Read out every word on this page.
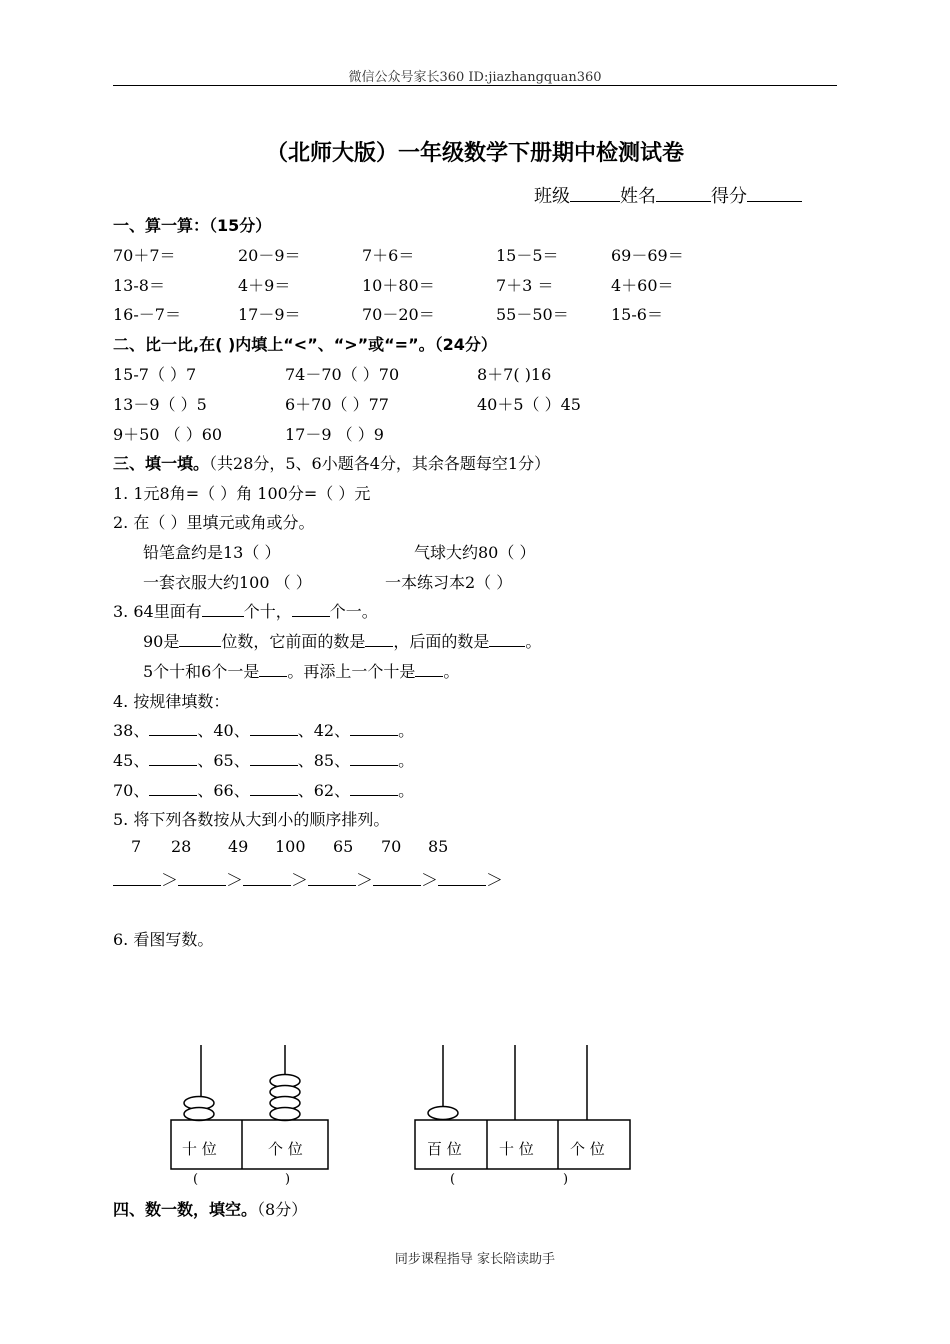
微信公众号家长360 ID:jiazhangquan360
（北师大版）一年级数学下册期中检测试卷
班级	姓名	得分
一、算一算：（15分）
70＋7＝	20－9＝	7＋6＝	15－5＝	69－69＝
13-8＝	4＋9＝	10＋80＝	7＋3 ＝	4＋60＝
16-－7＝	17－9＝	70－20＝	55－50＝	15-6＝
二、比一比,在( )内填上“<”、“>”或“=”。（24分）
15-7（ ）7	74－70（ ）70	8＋7( )16
13－9（ ）5	6＋70（ ）77	40＋5（ ）45
9＋50 （ ）60	17－9 （ ）9
三、填一填。（共28分，5、6小题各4分，其余各题每空1分）
1. 1元8角=（ ）角 100分=（ ）元
2. 在（ ）里填元或角或分。
铅笔盒约是13（ ）	气球大约80（ ）
一套衣服大约100 （ ）	一本练习本2（ ）
3. 64里面有	个十， 个一。
90是	位数，它前面的数是 ，后面的数是 。
5个十和6个一是 。再添上一个十是 。
4. 按规律填数：
38、	、40、	、42、	。
45、	、65、	、85、	。
70、	、66、	、62、	。
5. 将下列各数按从大到小的顺序排列。
7 28 49 100 65 70 85
＞	＞	＞	＞	＞	＞
6. 看图写数。
十 位	个 位
(	)
百 位 十 位 个 位
(	)
四、数一数，填空。（8分）
同步课程指导 家长陪读助手
